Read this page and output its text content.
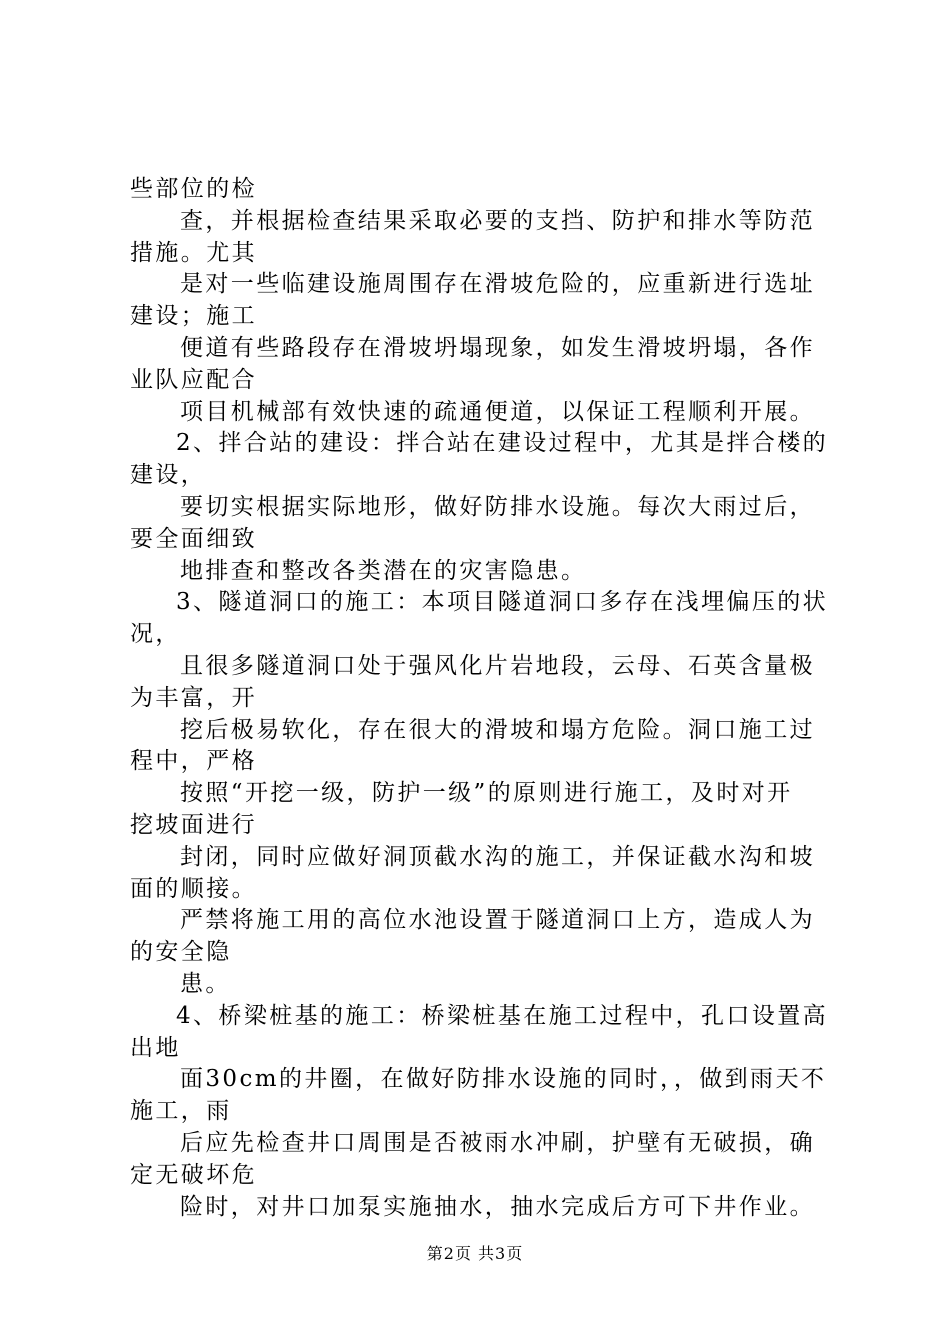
些部位的检
查，并根据检查结果采取必要的支挡、防护和排水等防范
措施。尤其
是对一些临建设施周围存在滑坡危险的，应重新进行选址
建设；施工
便道有些路段存在滑坡坍塌现象，如发生滑坡坍塌，各作
业队应配合
项目机械部有效快速的疏通便道，以保证工程顺利开展。
2、拌合站的建设：拌合站在建设过程中，尤其是拌合楼的
建设，
要切实根据实际地形，做好防排水设施。每次大雨过后，
要全面细致
地排查和整改各类潜在的灾害隐患。
3、隧道洞口的施工：本项目隧道洞口多存在浅埋偏压的状
况，
且很多隧道洞口处于强风化片岩地段，云母、石英含量极
为丰富，开
挖后极易软化，存在很大的滑坡和塌方危险。洞口施工过
程中，严格
按照“开挖一级，防护一级”的原则进行施工，及时对开
挖坡面进行
封闭，同时应做好洞顶截水沟的施工，并保证截水沟和坡
面的顺接。
严禁将施工用的高位水池设置于隧道洞口上方，造成人为
的安全隐
患。
4、桥梁桩基的施工：桥梁桩基在施工过程中，孔口设置高
出地
面30cm的井圈，在做好防排水设施的同时，，做到雨天不
施工，雨
后应先检查井口周围是否被雨水冲刷，护壁有无破损，确
定无破坏危
险时，对井口加泵实施抽水，抽水完成后方可下井作业。
第2页 共3页
